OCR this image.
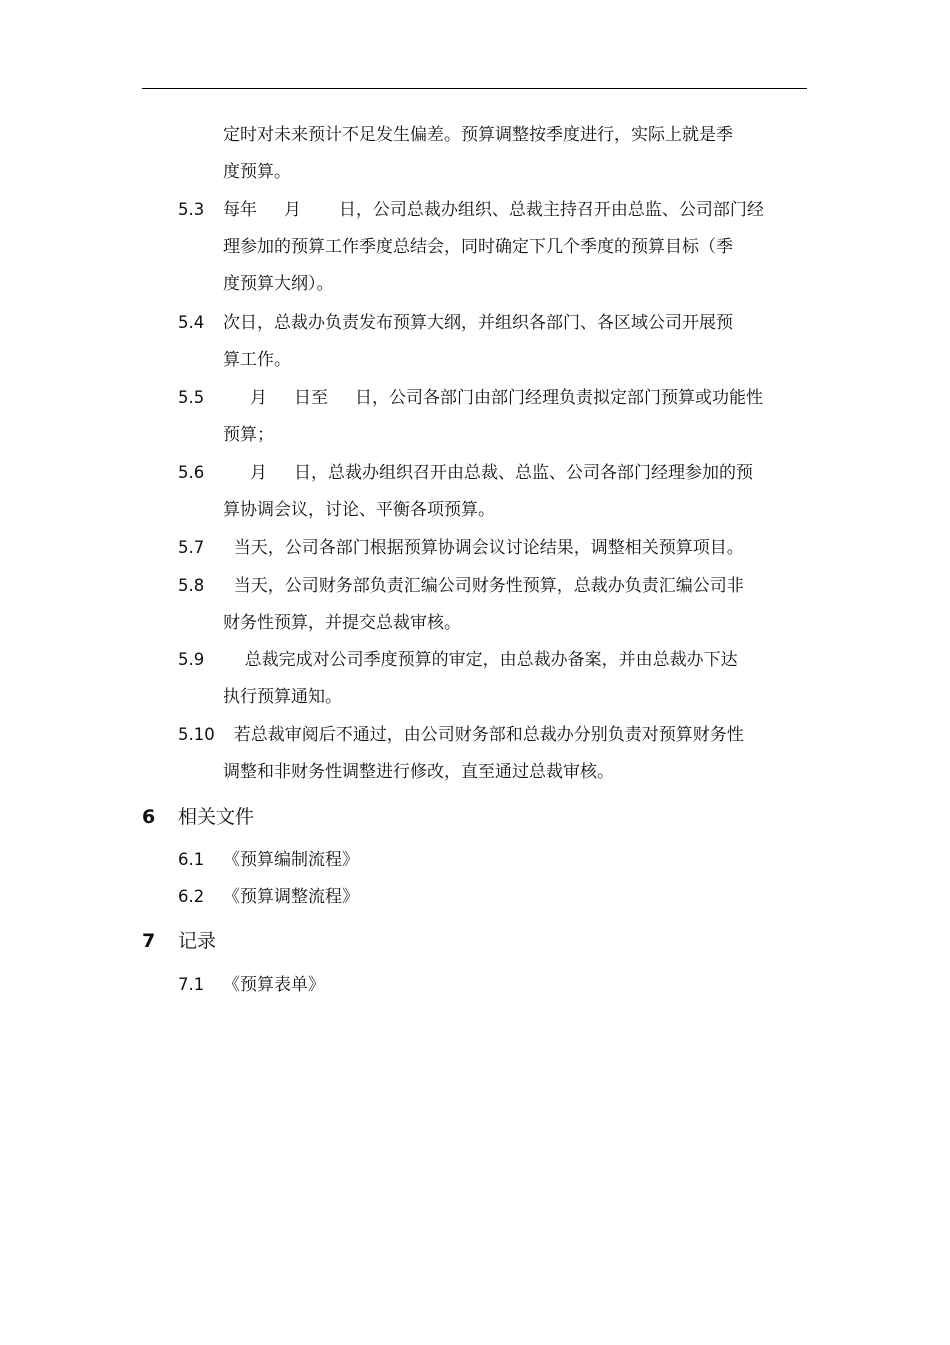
定时对未来预计不足发生偏差。预算调整按季度进行，实际上就是季
度预算。
5.3 每年     月       日，公司总裁办组织、总裁主持召开由总监、公司部门经
理参加的预算工作季度总结会，同时确定下几个季度的预算目标（季
度预算大纲）。
5.4 次日，总裁办负责发布预算大纲，并组织各部门、各区域公司开展预
算工作。
5.5 月     日至     日，公司各部门由部门经理负责拟定部门预算或功能性
预算；
5.6 月     日，总裁办组织召开由总裁、总监、公司各部门经理参加的预
算协调会议，讨论、平衡各项预算。
5.7 当天，公司各部门根据预算协调会议讨论结果，调整相关预算项目。
5.8 当天，公司财务部负责汇编公司财务性预算，总裁办负责汇编公司非
财务性预算，并提交总裁审核。
5.9 总裁完成对公司季度预算的审定，由总裁办备案，并由总裁办下达
执行预算通知。
5.10 若总裁审阅后不通过，由公司财务部和总裁办分别负责对预算财务性
调整和非财务性调整进行修改，直至通过总裁审核。
6 相关文件
6.1 《预算编制流程》
6.2 《预算调整流程》
7 记录
7.1 《预算表单》
